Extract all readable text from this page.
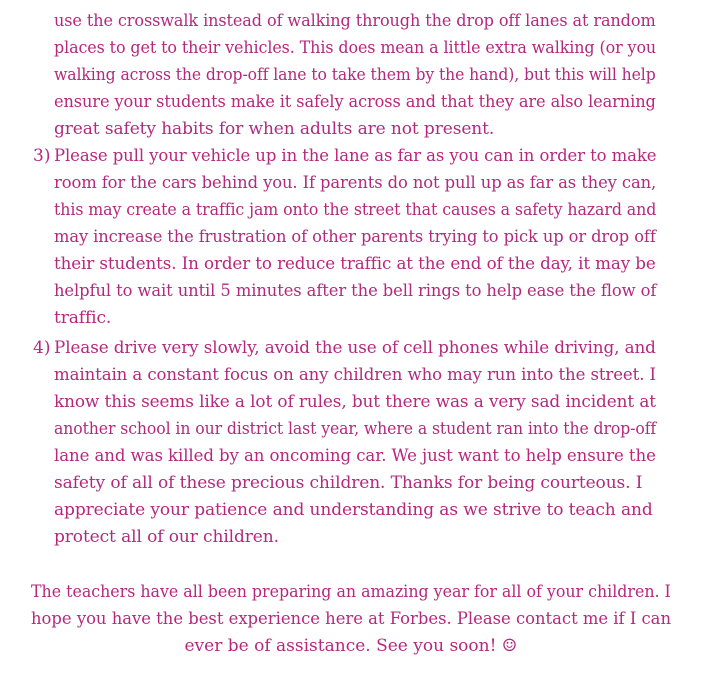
use the crosswalk instead of walking through the drop off lanes at random
places to get to their vehicles. This does mean a little extra walking (or you
walking across the drop-off lane to take them by the hand), but this will help
ensure your students make it safely across and that they are also learning
great safety habits for when adults are not present.
3) Please pull your vehicle up in the lane as far as you can in order to make
room for the cars behind you. If parents do not pull up as far as they can,
this may create a traffic jam onto the street that causes a safety hazard and
may increase the frustration of other parents trying to pick up or drop off
their students. In order to reduce traffic at the end of the day, it may be
helpful to wait until 5 minutes after the bell rings to help ease the flow of
traffic.
4) Please drive very slowly, avoid the use of cell phones while driving, and
maintain a constant focus on any children who may run into the street. I
know this seems like a lot of rules, but there was a very sad incident at
another school in our district last year, where a student ran into the drop-off
lane and was killed by an oncoming car. We just want to help ensure the
safety of all of these precious children. Thanks for being courteous. I
appreciate your patience and understanding as we strive to teach and
protect all of our children.
The teachers have all been preparing an amazing year for all of your children. I
hope you have the best experience here at Forbes. Please contact me if I can
ever be of assistance. See you soon! ☺
